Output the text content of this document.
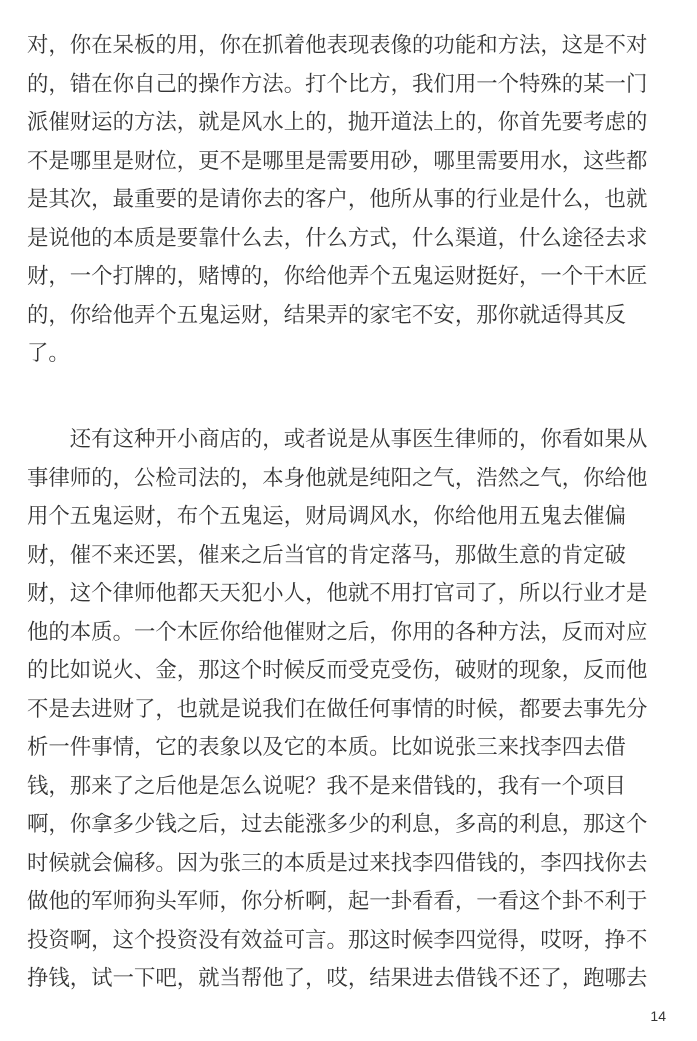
对，你在呆板的用，你在抓着他表现表像的功能和方法，这是不对
的，错在你自己的操作方法。打个比方，我们用一个特殊的某一门
派催财运的方法，就是风水上的，抛开道法上的，你首先要考虑的
不是哪里是财位，更不是哪里是需要用砂，哪里需要用水，这些都
是其次，最重要的是请你去的客户，他所从事的行业是什么，也就
是说他的本质是要靠什么去，什么方式，什么渠道，什么途径去求
财，一个打牌的，赌博的，你给他弄个五鬼运财挺好，一个干木匠
的，你给他弄个五鬼运财，结果弄的家宅不安，那你就适得其反
了。
　　还有这种开小商店的，或者说是从事医生律师的，你看如果从
事律师的，公检司法的，本身他就是纯阳之气，浩然之气，你给他
用个五鬼运财，布个五鬼运，财局调风水，你给他用五鬼去催偏
财，催不来还罢，催来之后当官的肯定落马，那做生意的肯定破
财，这个律师他都天天犯小人，他就不用打官司了，所以行业才是
他的本质。一个木匠你给他催财之后，你用的各种方法，反而对应
的比如说火、金，那这个时候反而受克受伤，破财的现象，反而他
不是去进财了，也就是说我们在做任何事情的时候，都要去事先分
析一件事情，它的表象以及它的本质。比如说张三来找李四去借
钱，那来了之后他是怎么说呢？我不是来借钱的，我有一个项目
啊，你拿多少钱之后，过去能涨多少的利息，多高的利息，那这个
时候就会偏移。因为张三的本质是过来找李四借钱的，李四找你去
做他的军师狗头军师，你分析啊，起一卦看看，一看这个卦不利于
投资啊，这个投资没有效益可言。那这时候李四觉得，哎呀，挣不
挣钱，试一下吧，就当帮他了，哎，结果进去借钱不还了，跑哪去
14
